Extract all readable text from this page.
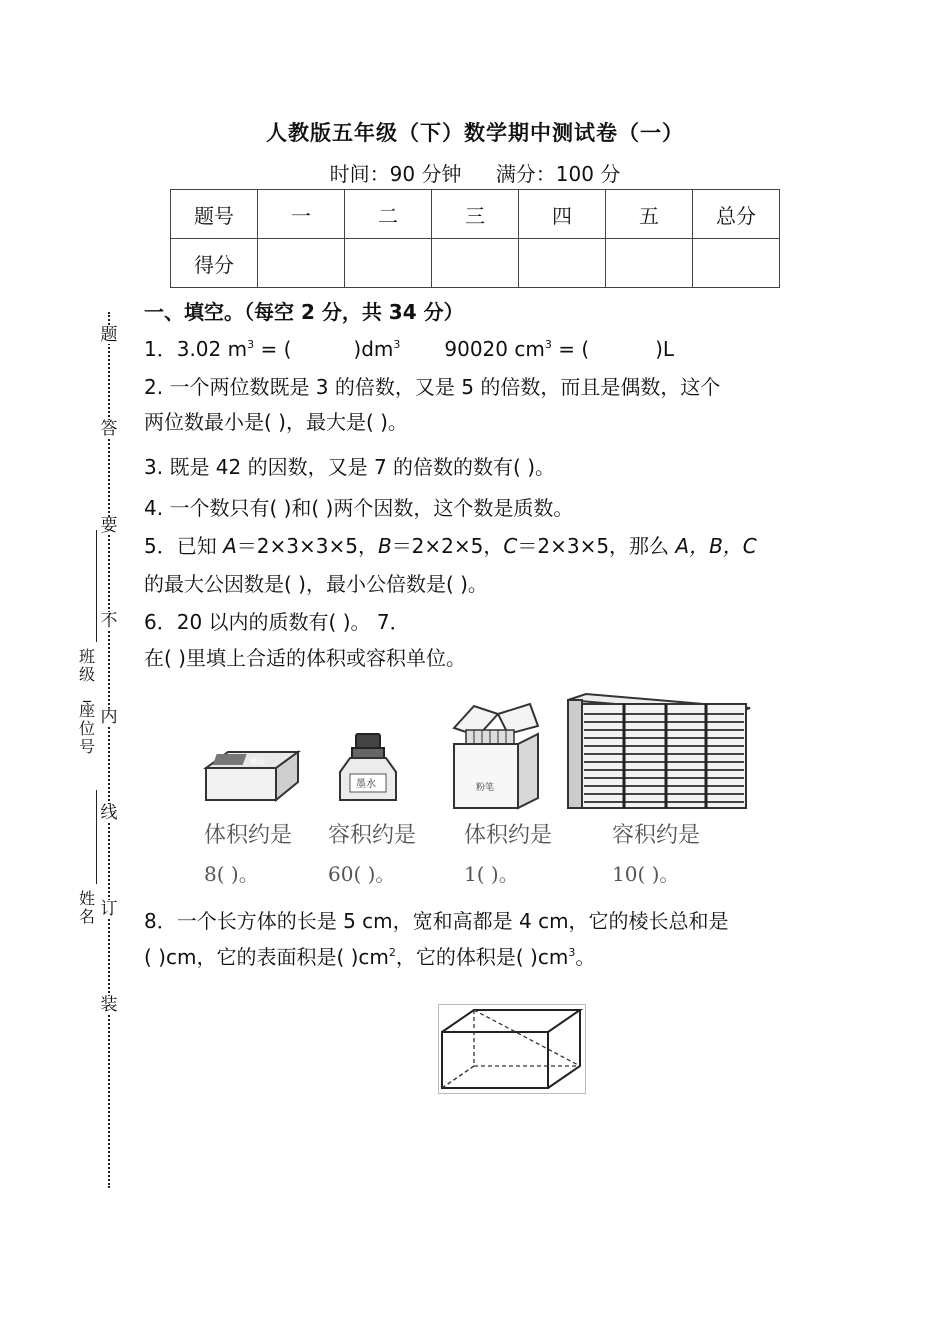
人教版五年级（下）数学期中测试卷（一）
时间：90 分钟 满分：100 分
题号	一	二	三	四	五	总分
得分						
题
答
要
不
内
线
订
装
班级_座位号
姓 名
一、填空。（每空 2 分，共 34 分）
1．3.02 $m^3$ = (	)$dm^3$ 90020 $cm^3$ = (	)L
2. 一个两位数既是 3 的倍数，又是 5 的倍数，而且是偶数，这个
两位数最小是( )，最大是( )。
3. 既是 42 的因数，又是 7 的倍数的数有( )。
4. 一个数只有( )和( )两个因数，这个数是质数。
5．已知 A＝2×3×3×5，B＝2×2×5，C＝2×3×5，那么 A，B，C
的最大公因数是( )，最小公倍数是( )。
6．20 以内的质数有( )。 7．
在( )里填上合适的体积或容积单位。
橡皮
墨水	粉笔
体积约是 容积约是 体积约是	容积约是
8( )。	60( )。	1( )。	10( )。
8．一个长方体的长是 5 cm，宽和高都是 4 cm，它的棱长总和是
( )cm，它的表面积是( )$cm^2$，它的体积是( )$cm^3$。
